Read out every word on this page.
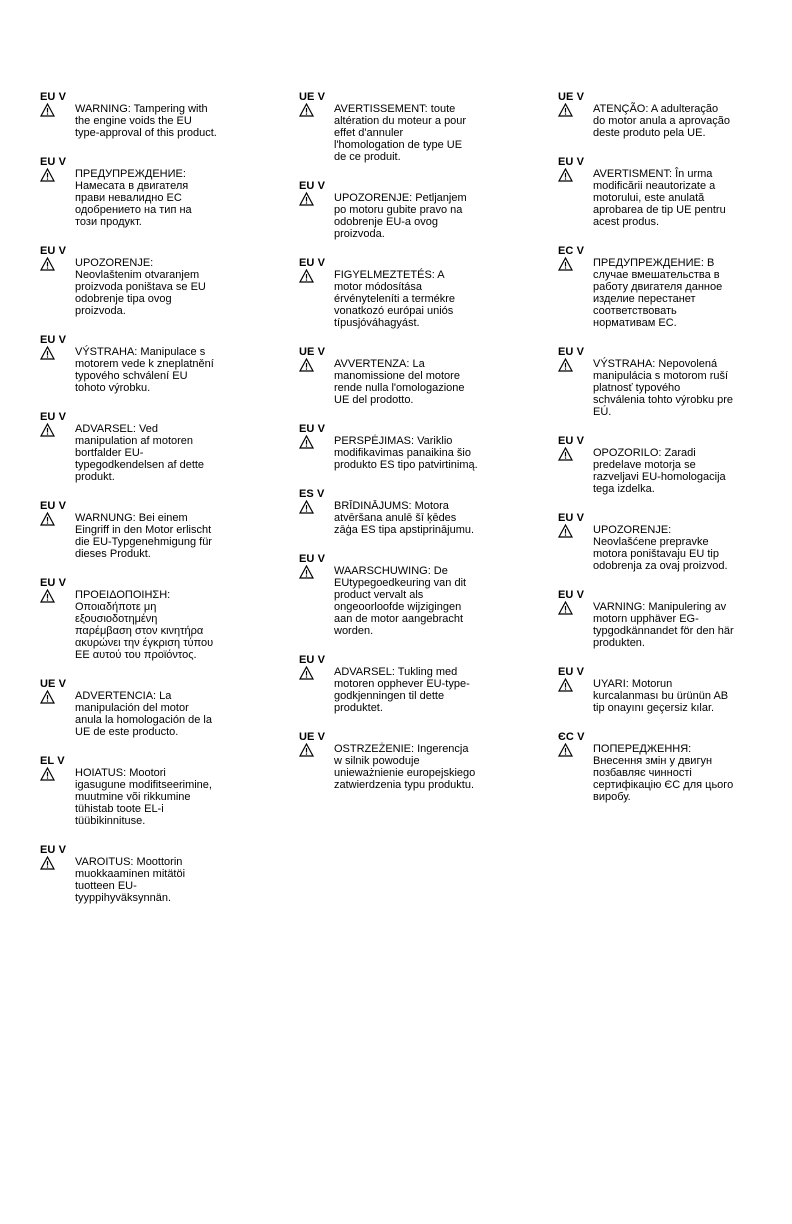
EU V
WARNING: Tampering with
the engine voids the EU
type-approval of this product.
EU V
ПРЕДУПРЕЖДЕНИЕ:
Намесата в двигателя
прави невалидно ЕС
одобрението на тип на
този продукт.
EU V
UPOZORENJE:
Neovlaštenim otvaranjem
proizvoda poništava se EU
odobrenje tipa ovog
proizvoda.
EU V
VÝSTRAHA: Manipulace s
motorem vede k zneplatnění
typového schválení EU
tohoto výrobku.
EU V
ADVARSEL: Ved
manipulation af motoren
bortfalder EU-
typegodkendelsen af dette
produkt.
EU V
WARNUNG: Bei einem
Eingriff in den Motor erlischt
die EU-Typgenehmigung für
dieses Produkt.
EU V
ΠΡΟΕΙΔΟΠΟΙΗΣΗ:
Οποιαδήποτε μη
εξουσιοδοτημένη
παρέμβαση στον κινητήρα
ακυρώνει την έγκριση τύπου
ΕΕ αυτού του προϊόντος.
UE V
ADVERTENCIA: La
manipulación del motor
anula la homologación de la
UE de este producto.
EL V
HOIATUS: Mootori
igasugune modifitseerimine,
muutmine või rikkumine
tühistab toote EL-i
tüübikinnituse.
EU V
VAROITUS: Moottorin
muokkaaminen mitätöi
tuotteen EU-
tyyppihyväksynnän.
UE V
AVERTISSEMENT: toute
altération du moteur a pour
effet d'annuler
l'homologation de type UE
de ce produit.
EU V
UPOZORENJE: Petljanjem
po motoru gubite pravo na
odobrenje EU-a ovog
proizvoda.
EU V
FIGYELMEZTETÉS: A
motor módosítása
érvényteleníti a termékre
vonatkozó európai uniós
típusjóváhagyást.
UE V
AVVERTENZA: La
manomissione del motore
rende nulla l'omologazione
UE del prodotto.
EU V
PERSPĖJIMAS: Variklio
modifikavimas panaikina šio
produkto ES tipo patvirtinimą.
ES V
BRĪDINĀJUMS: Motora
atvēršana anulē šī ķēdes
zāģa ES tipa apstiprinājumu.
EU V
WAARSCHUWING: De
EUtypegoedkeuring van dit
product vervalt als
ongeoorloofde wijzigingen
aan de motor aangebracht
worden.
EU V
ADVARSEL: Tukling med
motoren opphever EU-type-
godkjenningen til dette
produktet.
UE V
OSTRZEŻENIE: Ingerencja
w silnik powoduje
unieważnienie europejskiego
zatwierdzenia typu produktu.
UE V
ATENÇÃO: A adulteração
do motor anula a aprovação
deste produto pela UE.
EU V
AVERTISMENT: În urma
modificării neautorizate a
motorului, este anulată
aprobarea de tip UE pentru
acest produs.
EC V
ПРЕДУПРЕЖДЕНИЕ: В
случае вмешательства в
работу двигателя данное
изделие перестанет
соответствовать
нормативам ЕС.
EU V
VÝSTRAHA: Nepovolená
manipulácia s motorom ruší
platnosť typového
schválenia tohto výrobku pre
EÚ.
EU V
OPOZORILO: Zaradi
predelave motorja se
razveljavi EU-homologacija
tega izdelka.
EU V
UPOZORENJE:
Neovlašćene prepravke
motora poništavaju EU tip
odobrenja za ovaj proizvod.
EU V
VARNING: Manipulering av
motorn upphäver EG-
typgodkännandet för den här
produkten.
EU V
UYARI: Motorun
kurcalanması bu ürünün AB
tip onayını geçersiz kılar.
ЄС V
ПОПЕРЕДЖЕННЯ:
Внесення змін у двигун
позбавляє чинності
сертифікацію ЄС для цього
виробу.
